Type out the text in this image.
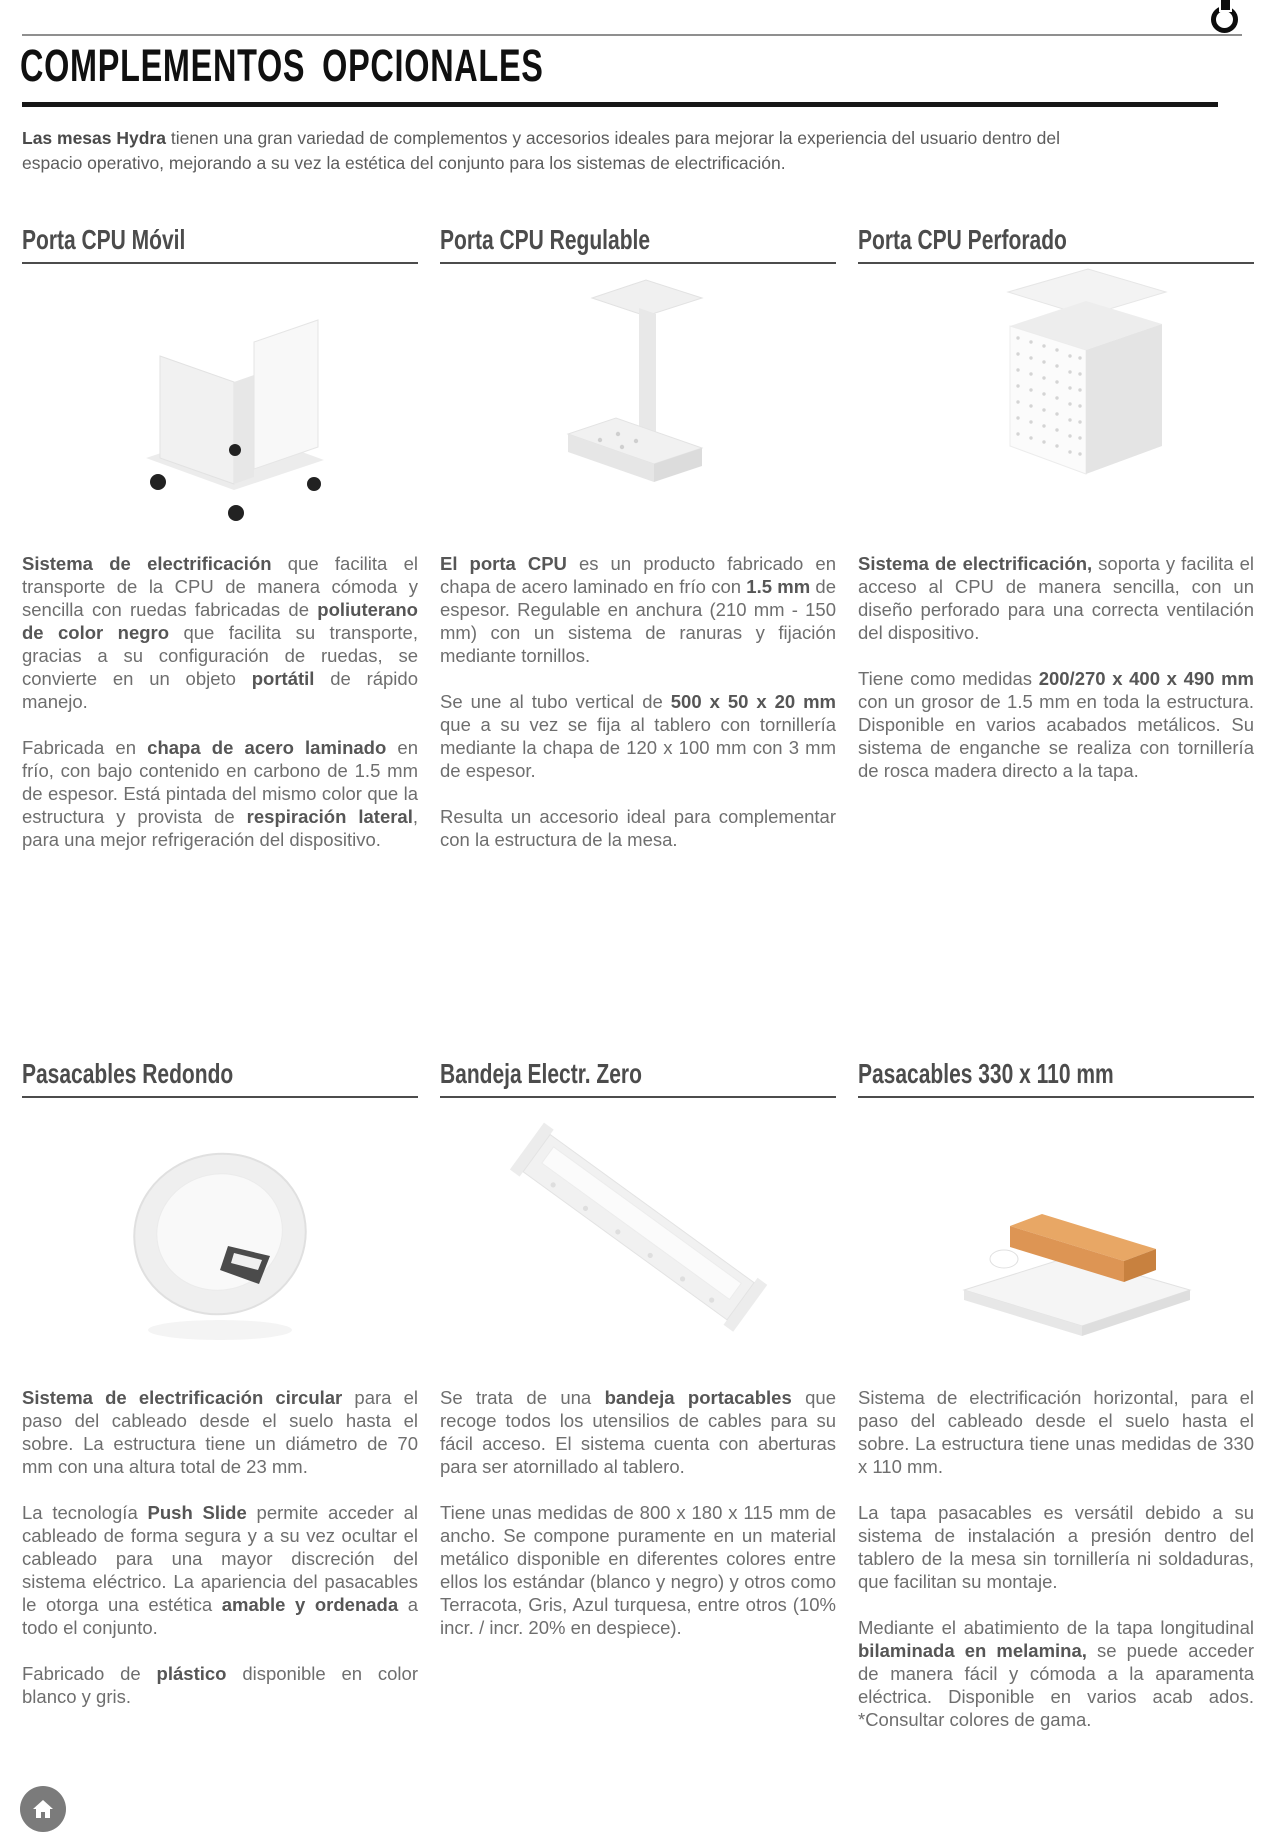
COMPLEMENTOS OPCIONALES

Las mesas Hydra tienen una gran variedad de complementos y accesorios ideales para mejorar la experiencia del usuario dentro del
espacio operativo, mejorando a su vez la estética del conjunto para los sistemas de electrificación.

Porta CPU Móvil

Sistema de electrificación que facilita el transporte de la CPU de manera cómoda y sencilla con ruedas fabricadas de poliuterano de color negro que facilita su transporte, gracias a su configuración de ruedas, se convierte en un objeto portátil de rápido manejo.

Fabricada en chapa de acero laminado en frío, con bajo contenido en carbono de 1.5 mm de espesor. Está pintada del mismo color que la estructura y provista de respiración lateral, para una mejor refrigeración del dispositivo.

Porta CPU Regulable

El porta CPU es un producto fabricado en chapa de acero laminado en frío con 1.5 mm de espesor. Regulable en anchura (210 mm - 150 mm) con un sistema de ranuras y fijación mediante tornillos.

Se une al tubo vertical de 500 x 50 x 20 mm que a su vez se fija al tablero con tornillería mediante la chapa de 120 x 100 mm con 3 mm de espesor.

Resulta un accesorio ideal para complementar con la estructura de la mesa.

Porta CPU Perforado

Sistema de electrificación, soporta y facilita el acceso al CPU de manera sencilla, con un diseño perforado para una correcta ventilación del dispositivo.

Tiene como medidas 200/270 x 400 x 490 mm con un grosor de 1.5 mm en toda la estructura. Disponible en varios acabados metálicos. Su sistema de enganche se realiza con tornillería de rosca madera directo a la tapa.

Pasacables Redondo

Sistema de electrificación circular para el paso del cableado desde el suelo hasta el sobre. La estructura tiene un diámetro de 70 mm con una altura total de 23 mm.

La tecnología Push Slide permite acceder al cableado de forma segura y a su vez ocultar el cableado para una mayor discreción del sistema eléctrico. La apariencia del pasacables le otorga una estética amable y ordenada a todo el conjunto.

Fabricado de plástico disponible en color blanco y gris.

Bandeja Electr. Zero

Se trata de una bandeja portacables que recoge todos los utensilios de cables para su fácil acceso. El sistema cuenta con aberturas para ser atornillado al tablero.

Tiene unas medidas de 800 x 180 x 115 mm de ancho. Se compone puramente en un material metálico disponible en diferentes colores entre ellos los estándar (blanco y negro) y otros como Terracota, Gris, Azul turquesa, entre otros (10% incr. / incr. 20% en despiece).

Pasacables 330 x 110 mm

Sistema de electrificación horizontal, para el paso del cableado desde el suelo hasta el sobre. La estructura tiene unas medidas de 330 x 110 mm.

La tapa pasacables es versátil debido a su sistema de instalación a presión dentro del tablero de la mesa sin tornillería ni soldaduras, que facilitan su montaje.

Mediante el abatimiento de la tapa longitudinal bilaminada en melamina, se puede acceder de manera fácil y cómoda a la aparamenta eléctrica. Disponible en varios acab ados. *Consultar colores de gama.
